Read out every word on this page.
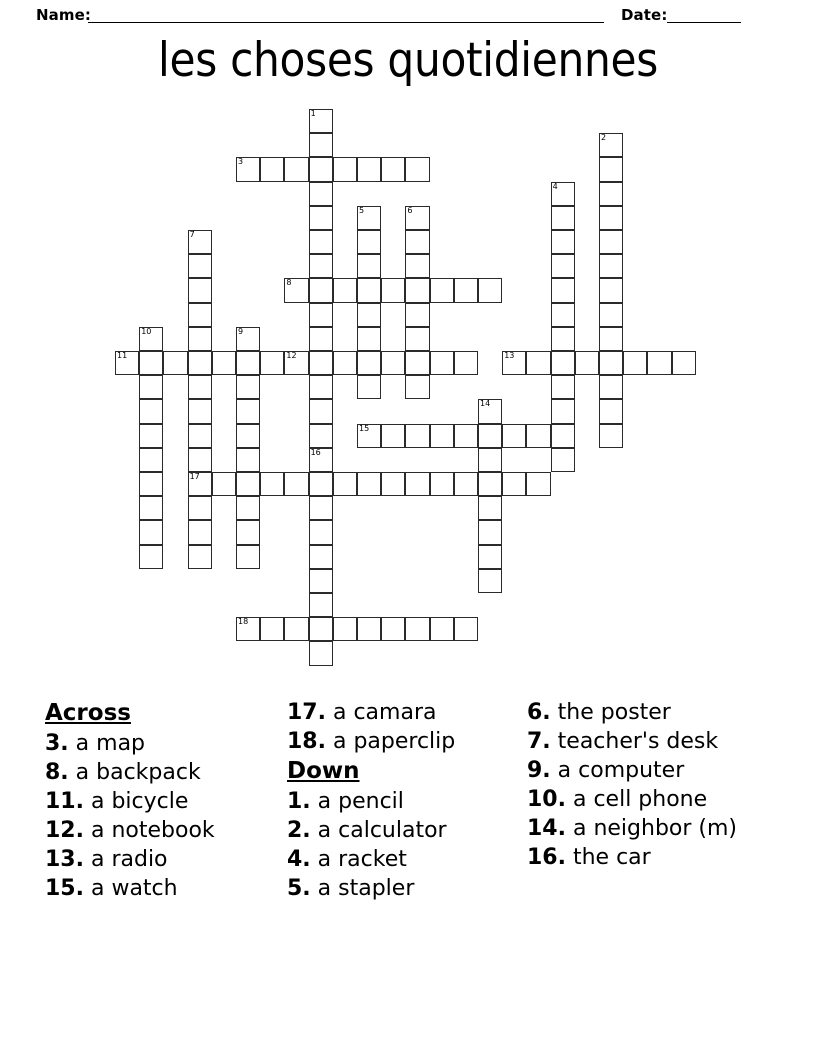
Name:	Date:
les choses quotidiennes
1
16
2
3
4
5	6
7
17
8
9
10
11	12	13
14
15
18
Across
3. a map
8. a backpack
11. a bicycle
12. a notebook
13. a radio
15. a watch
17. a camara
18. a paperclip
Down
1. a pencil
2. a calculator
4. a racket
5. a stapler
6. the poster
7. teacher's desk
9. a computer
10. a cell phone
14. a neighbor (m)
16. the car
